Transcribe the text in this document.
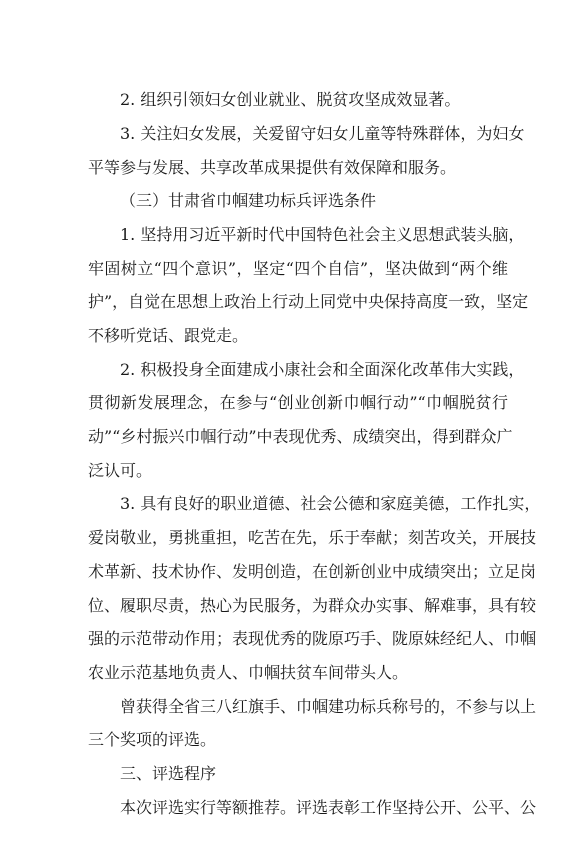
2. 组织引领妇女创业就业、脱贫攻坚成效显著。
3. 关注妇女发展，关爱留守妇女儿童等特殊群体，为妇女
平等参与发展、共享改革成果提供有效保障和服务。
（三）甘肃省巾帼建功标兵评选条件
1. 坚持用习近平新时代中国特色社会主义思想武装头脑，
牢固树立“四个意识”，坚定“四个自信”，坚决做到“两个维
护”，自觉在思想上政治上行动上同党中央保持高度一致，坚定
不移听党话、跟党走。
2. 积极投身全面建成小康社会和全面深化改革伟大实践，
贯彻新发展理念，在参与“创业创新巾帼行动”“巾帼脱贫行
动”“乡村振兴巾帼行动”中表现优秀、成绩突出，得到群众广
泛认可。
3. 具有良好的职业道德、社会公德和家庭美德，工作扎实，
爱岗敬业，勇挑重担，吃苦在先，乐于奉献；刻苦攻关，开展技
术革新、技术协作、发明创造，在创新创业中成绩突出；立足岗
位、履职尽责，热心为民服务，为群众办实事、解难事，具有较
强的示范带动作用；表现优秀的陇原巧手、陇原妹经纪人、巾帼
农业示范基地负责人、巾帼扶贫车间带头人。
曾获得全省三八红旗手、巾帼建功标兵称号的，不参与以上
三个奖项的评选。
三、评选程序
本次评选实行等额推荐。评选表彰工作坚持公开、公平、公
